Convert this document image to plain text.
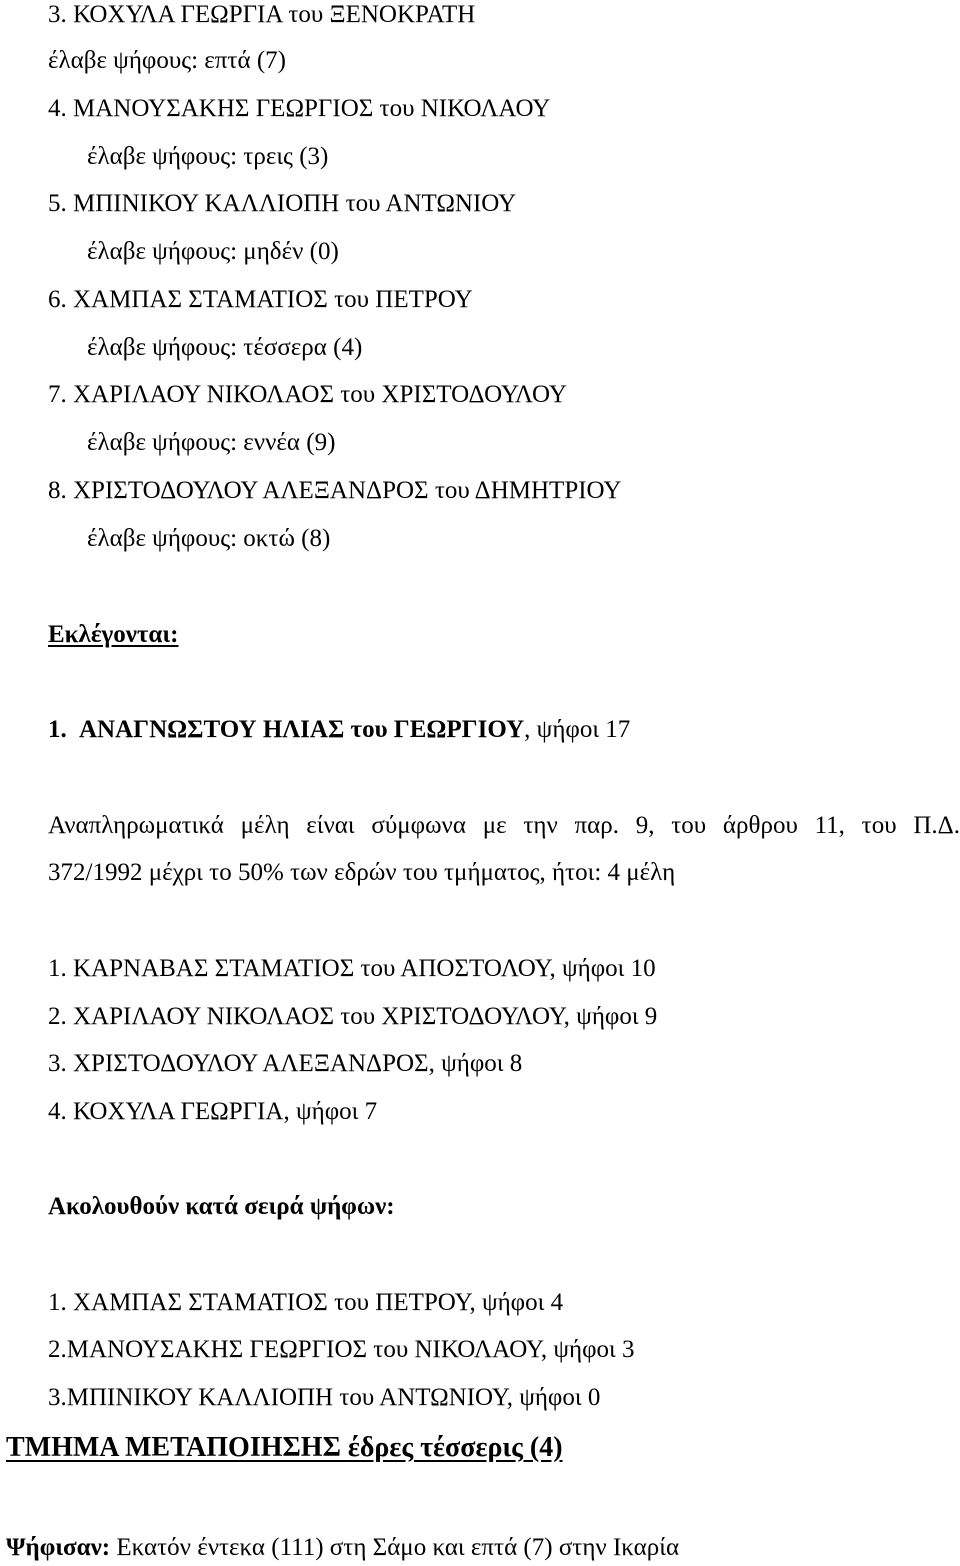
3. ΚΟΧΥΛΑ ΓΕΩΡΓΙΑ του ΞΕΝΟΚΡΑΤΗ
έλαβε ψήφους: επτά (7)
4. ΜΑΝΟΥΣΑΚΗΣ ΓΕΩΡΓΙΟΣ του ΝΙΚΟΛΑΟΥ
έλαβε ψήφους: τρεις (3)
5. ΜΠΙΝΙΚΟΥ ΚΑΛΛΙΟΠΗ του ΑΝΤΩΝΙΟΥ
έλαβε ψήφους: μηδέν (0)
6. ΧΑΜΠΑΣ ΣΤΑΜΑΤΙΟΣ του ΠΕΤΡΟΥ
έλαβε ψήφους: τέσσερα (4)
7. ΧΑΡΙΛΑΟΥ ΝΙΚΟΛΑΟΣ του ΧΡΙΣΤΟΔΟΥΛΟΥ
έλαβε ψήφους: εννέα (9)
8. ΧΡΙΣΤΟΔΟΥΛΟΥ ΑΛΕΞΑΝΔΡΟΣ του ΔΗΜΗΤΡΙΟΥ
έλαβε ψήφους: οκτώ (8)
Εκλέγονται:
1. ΑΝΑΓΝΩΣΤΟΥ ΗΛΙΑΣ του ΓΕΩΡΓΙΟΥ, ψήφοι 17
Αναπληρωματικά μέλη είναι σύμφωνα με την παρ. 9, του άρθρου 11, του Π.Δ.
372/1992 μέχρι το 50% των εδρών του τμήματος, ήτοι: 4 μέλη
1. ΚΑΡΝΑΒΑΣ ΣΤΑΜΑΤΙΟΣ του ΑΠΟΣΤΟΛΟΥ, ψήφοι 10
2. ΧΑΡΙΛΑΟΥ ΝΙΚΟΛΑΟΣ του ΧΡΙΣΤΟΔΟΥΛΟΥ, ψήφοι 9
3. ΧΡΙΣΤΟΔΟΥΛΟΥ ΑΛΕΞΑΝΔΡΟΣ, ψήφοι 8
4. ΚΟΧΥΛΑ ΓΕΩΡΓΙΑ, ψήφοι 7
Ακολουθούν κατά σειρά ψήφων:
1. ΧΑΜΠΑΣ ΣΤΑΜΑΤΙΟΣ του ΠΕΤΡΟΥ, ψήφοι 4
2.ΜΑΝΟΥΣΑΚΗΣ ΓΕΩΡΓΙΟΣ του ΝΙΚΟΛΑΟΥ, ψήφοι 3
3.ΜΠΙΝΙΚΟΥ ΚΑΛΛΙΟΠΗ του ΑΝΤΩΝΙΟΥ, ψήφοι 0
ΤΜΗΜΑ ΜΕΤΑΠΟΙΗΣΗΣ έδρες τέσσερις (4)
Ψήφισαν: Εκατόν έντεκα (111) στη Σάμο και επτά (7) στην Ικαρία
